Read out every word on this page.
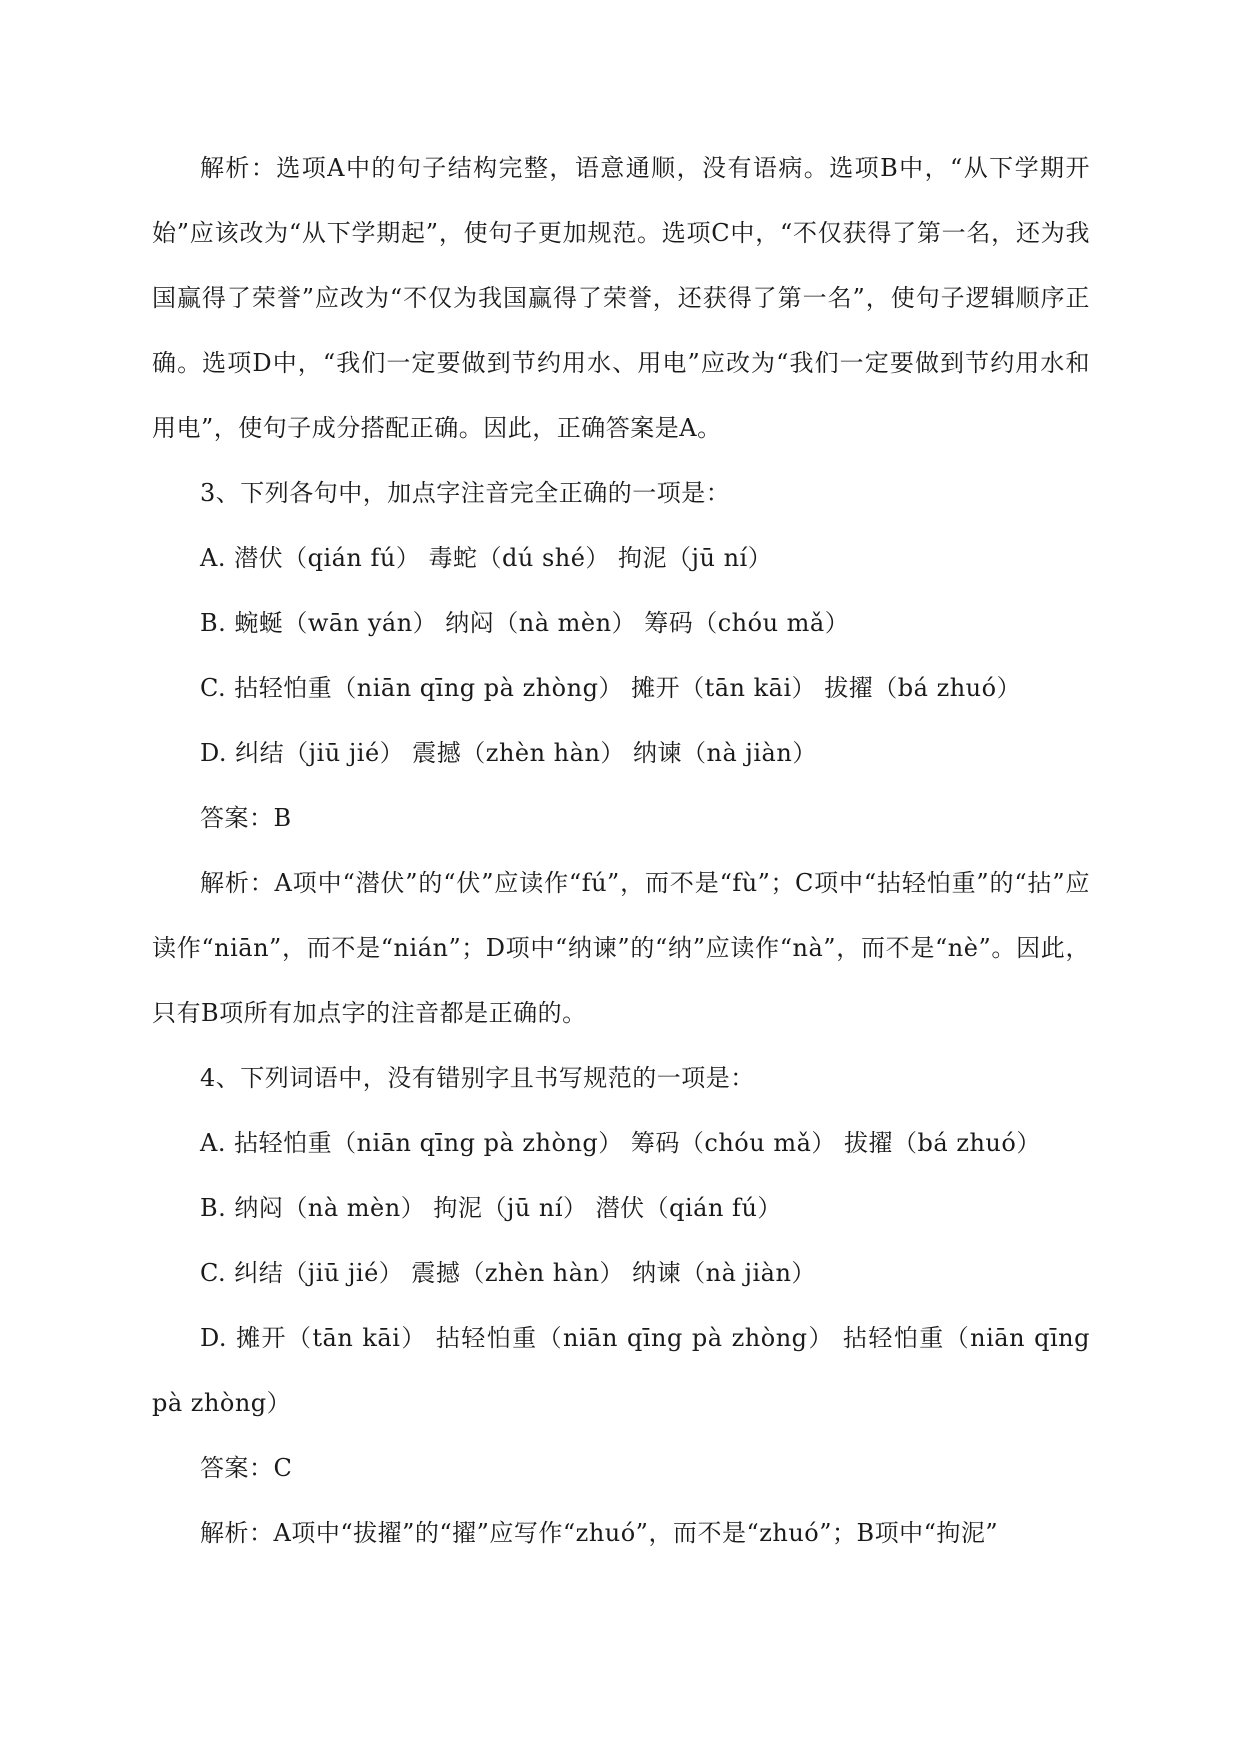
解析：选项A中的句子结构完整，语意通顺，没有语病。选项B中，“从下学期开始”应该改为“从下学期起”，使句子更加规范。选项C中，“不仅获得了第一名，还为我国赢得了荣誉”应改为“不仅为我国赢得了荣誉，还获得了第一名”，使句子逻辑顺序正确。选项D中，“我们一定要做到节约用水、用电”应改为“我们一定要做到节约用水和用电”，使句子成分搭配正确。因此，正确答案是A。

3、下列各句中，加点字注音完全正确的一项是：

A. 潜伏（qián fú） 毒蛇（dú shé） 拘泥（jū ní）

B. 蜿蜒（wān yán） 纳闷（nà mèn） 筹码（chóu mǎ）

C. 拈轻怕重（niān qīng pà zhòng） 摊开（tān kāi） 拔擢（bá zhuó）

D. 纠结（jiū jié） 震撼（zhèn hàn） 纳谏（nà jiàn）

答案：B

解析：A项中“潜伏”的“伏”应读作“fú”，而不是“fù”；C项中“拈轻怕重”的“拈”应读作“niān”，而不是“nián”；D项中“纳谏”的“纳”应读作“nà”，而不是“nè”。因此，只有B项所有加点字的注音都是正确的。

4、下列词语中，没有错别字且书写规范的一项是：

A. 拈轻怕重（niān qīng pà zhòng） 筹码（chóu mǎ） 拔擢（bá zhuó）

B. 纳闷（nà mèn） 拘泥（jū ní） 潜伏（qián fú）

C. 纠结（jiū jié） 震撼（zhèn hàn） 纳谏（nà jiàn）

D. 摊开（tān kāi） 拈轻怕重（niān qīng pà zhòng） 拈轻怕重（niān qīng pà zhòng）

答案：C

解析：A项中“拔擢”的“擢”应写作“zhuó”，而不是“zhuó”；B项中“拘泥”
